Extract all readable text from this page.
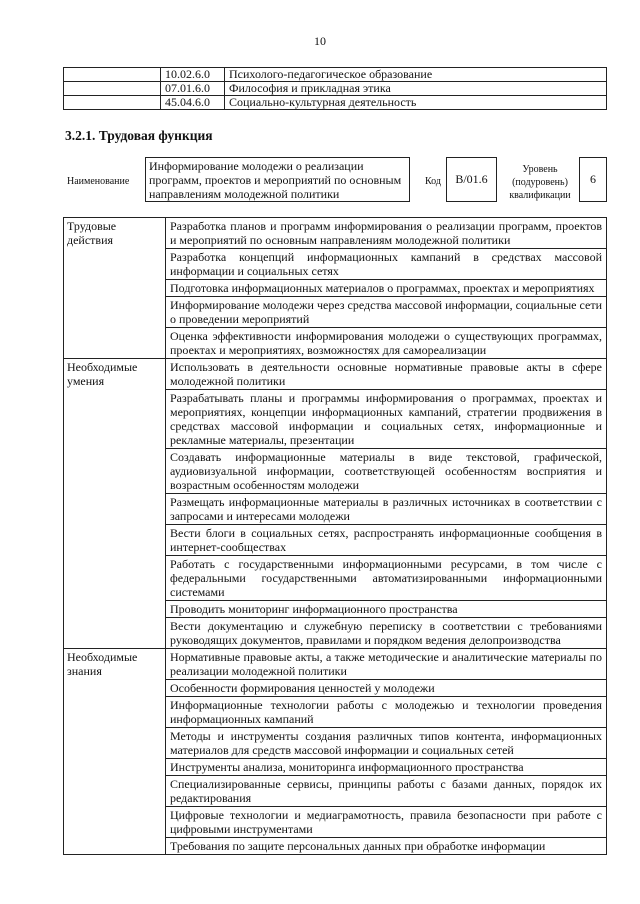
10
	10.02.6.0	Психолого-педагогическое образование
	07.01.6.0	Философия и прикладная этика
	45.04.6.0	Социально-культурная деятельность
3.2.1. Трудовая функция
Наименование
Информирование молодежи о реализации программ, проектов и мероприятий по основным направлениям молодежной политики
Код	B/01.6
Уровень (подуровень) квалификации
6
Трудовые действия	Разработка планов и программ информирования о реализации программ, проектов и мероприятий по основным направлениям молодежной политики
	Разработка концепций информационных кампаний в средствах массовой информации и социальных сетях
	Подготовка информационных материалов о программах, проектах и мероприятиях
	Информирование молодежи через средства массовой информации, социальные сети о проведении мероприятий
	Оценка эффективности информирования молодежи о существующих программах, проектах и мероприятиях, возможностях для самореализации
Необходимые умения	Использовать в деятельности основные нормативные правовые акты в сфере молодежной политики
	Разрабатывать планы и программы информирования о программах, проектах и мероприятиях, концепции информационных кампаний, стратегии продвижения в средствах массовой информации и социальных сетях, информационные и рекламные материалы, презентации
	Создавать информационные материалы в виде текстовой, графической, аудиовизуальной информации, соответствующей особенностям восприятия и возрастным особенностям молодежи
	Размещать информационные материалы в различных источниках в соответствии с запросами и интересами молодежи
	Вести блоги в социальных сетях, распространять информационные сообщения в интернет-сообществах
	Работать с государственными информационными ресурсами, в том числе с федеральными государственными автоматизированными информационными системами
	Проводить мониторинг информационного пространства
	Вести документацию и служебную переписку в соответствии с требованиями руководящих документов, правилами и порядком ведения делопроизводства
Необходимые знания	Нормативные правовые акты, а также методические и аналитические материалы по реализации молодежной политики
	Особенности формирования ценностей у молодежи
	Информационные технологии работы с молодежью и технологии проведения информационных кампаний
	Методы и инструменты создания различных типов контента, информационных материалов для средств массовой информации и социальных сетей
	Инструменты анализа, мониторинга информационного пространства
	Специализированные сервисы, принципы работы с базами данных, порядок их редактирования
	Цифровые технологии и медиаграмотность, правила безопасности при работе с цифровыми инструментами
	Требования по защите персональных данных при обработке информации
